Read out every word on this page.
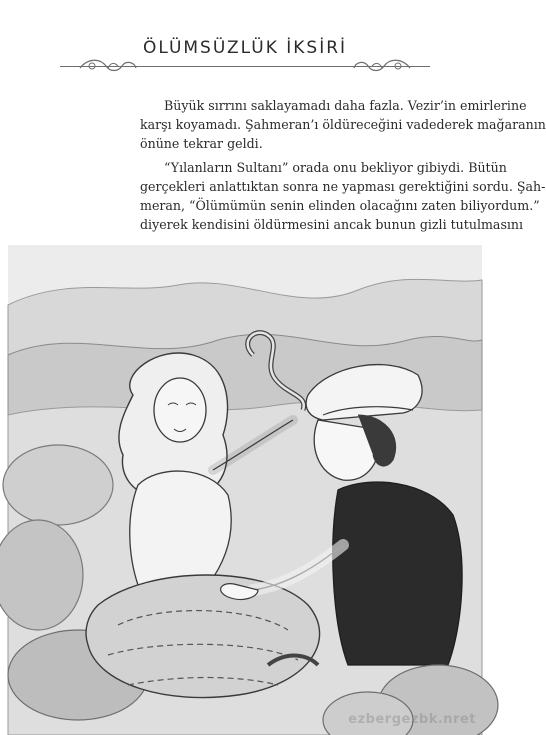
ÖLÜMSÜZLÜK İKSİRİ

Büyük sırrını saklayamadı daha fazla. Vezir’in emirlerine
karşı koyamadı. Şahmeran’ı öldüreceğini vadederek mağaranın
önüne tekrar geldi.

“Yılanların Sultanı” orada onu bekliyor gibiydi. Bütün
gerçekleri anlattıktan sonra ne yapması gerektiğini sordu. Şah-
meran, “Ölümümün senin elinden olacağını zaten biliyordum.”
diyerek kendisini öldürmesini ancak bunun gizli tutulmasını

ezbergezbk.nret
